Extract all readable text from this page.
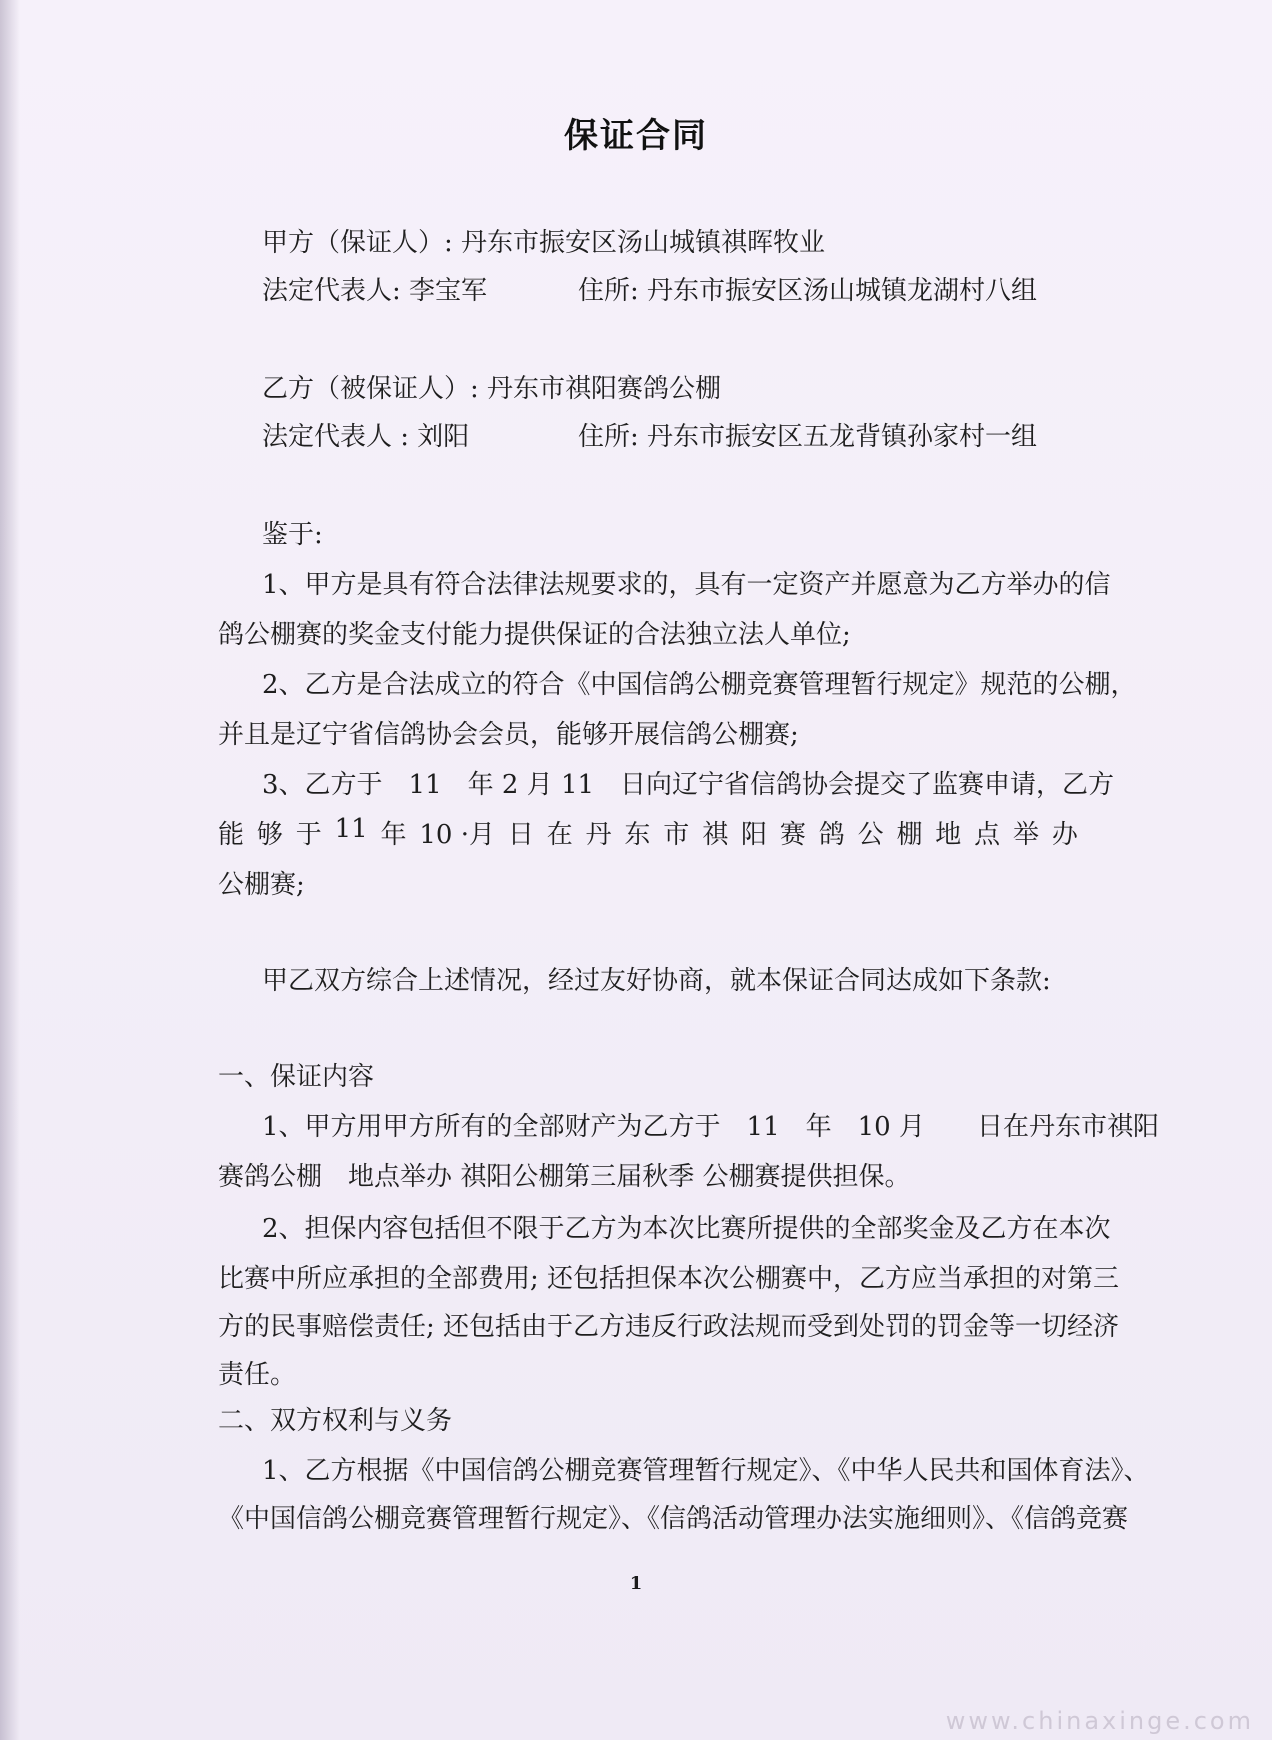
保证合同
甲方（保证人）: 丹东市振安区汤山城镇祺晖牧业
法定代表人: 李宝军	住所: 丹东市振安区汤山城镇龙湖村八组
乙方（被保证人）: 丹东市祺阳赛鸽公棚
法定代表人 : 刘阳	住所: 丹东市振安区五龙背镇孙家村一组
鉴于:
1、甲方是具有符合法律法规要求的，具有一定资产并愿意为乙方举办的信
鸽公棚赛的奖金支付能力提供保证的合法独立法人单位;
2、乙方是合法成立的符合《中国信鸽公棚竞赛管理暂行规定》规范的公棚，
并且是辽宁省信鸽协会会员，能够开展信鸽公棚赛;
3、乙方于　11　年 2 月 11　日向辽宁省信鸽协会提交了监赛申请，乙方
能 够 于 11 年 10 ·月 日 在 丹 东 市 祺 阳 赛 鸽 公 棚 地 点 举 办
公棚赛;
甲乙双方综合上述情况，经过友好协商，就本保证合同达成如下条款:
一、保证内容
1、甲方用甲方所有的全部财产为乙方于　11　年　10 月　　日在丹东市祺阳
赛鸽公棚　地点举办 祺阳公棚第三届秋季 公棚赛提供担保。
2、担保内容包括但不限于乙方为本次比赛所提供的全部奖金及乙方在本次
比赛中所应承担的全部费用; 还包括担保本次公棚赛中，乙方应当承担的对第三
方的民事赔偿责任; 还包括由于乙方违反行政法规而受到处罚的罚金等一切经济
责任。
二、双方权利与义务
1、乙方根据《中国信鸽公棚竞赛管理暂行规定》、《中华人民共和国体育法》、
《中国信鸽公棚竞赛管理暂行规定》、《信鸽活动管理办法实施细则》、《信鸽竞赛
1
www.chinaxinge.com
